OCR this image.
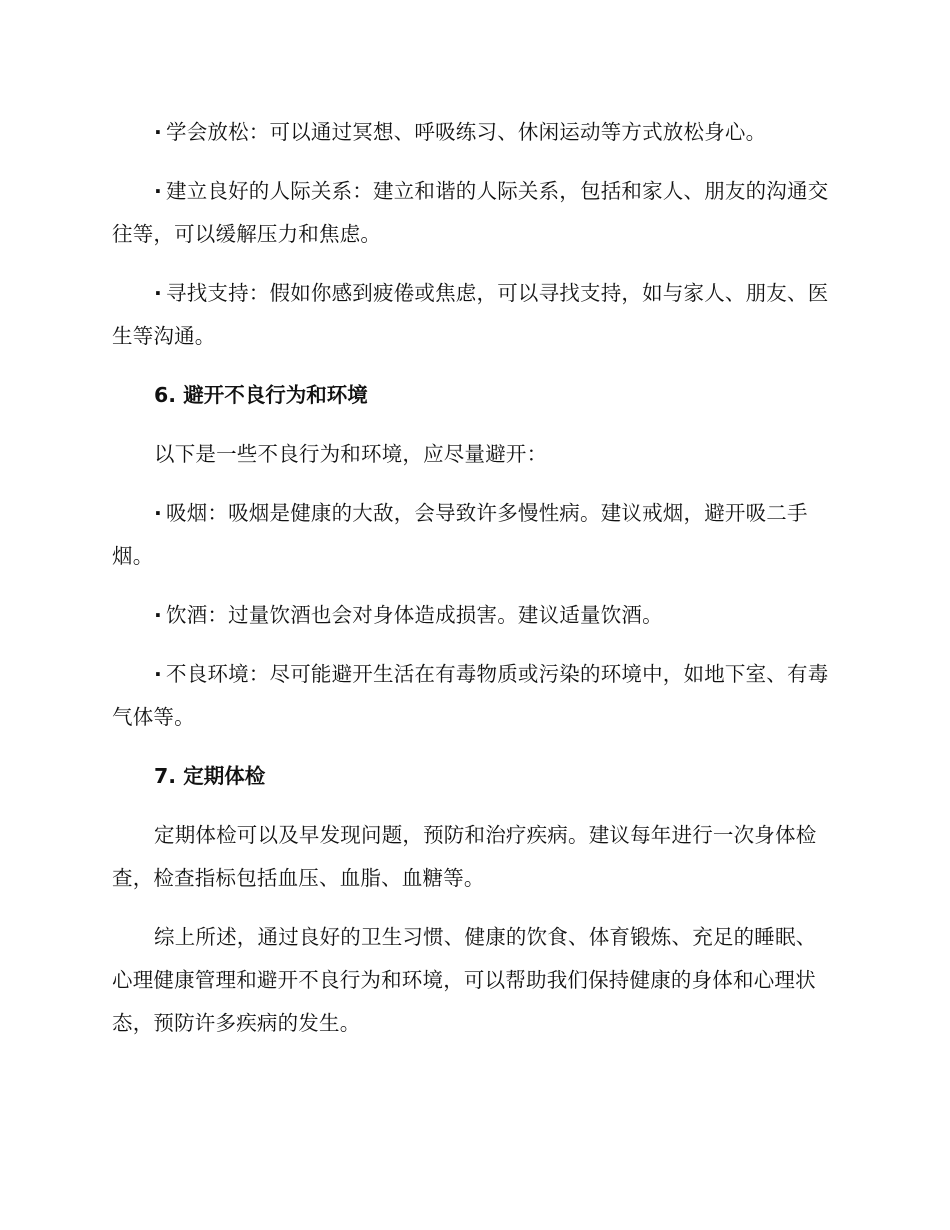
· 学会放松：可以通过冥想、呼吸练习、休闲运动等方式放松身心。

· 建立良好的人际关系：建立和谐的人际关系，包括和家人、朋友的沟通交往等，可以缓解压力和焦虑。

· 寻找支持：假如你感到疲倦或焦虑，可以寻找支持，如与家人、朋友、医生等沟通。

6. 避开不良行为和环境

以下是一些不良行为和环境，应尽量避开：

· 吸烟：吸烟是健康的大敌，会导致许多慢性病。建议戒烟，避开吸二手烟。

· 饮酒：过量饮酒也会对身体造成损害。建议适量饮酒。

· 不良环境：尽可能避开生活在有毒物质或污染的环境中，如地下室、有毒气体等。

7. 定期体检

定期体检可以及早发现问题，预防和治疗疾病。建议每年进行一次身体检查，检查指标包括血压、血脂、血糖等。

综上所述，通过良好的卫生习惯、健康的饮食、体育锻炼、充足的睡眠、心理健康管理和避开不良行为和环境，可以帮助我们保持健康的身体和心理状态，预防许多疾病的发生。
